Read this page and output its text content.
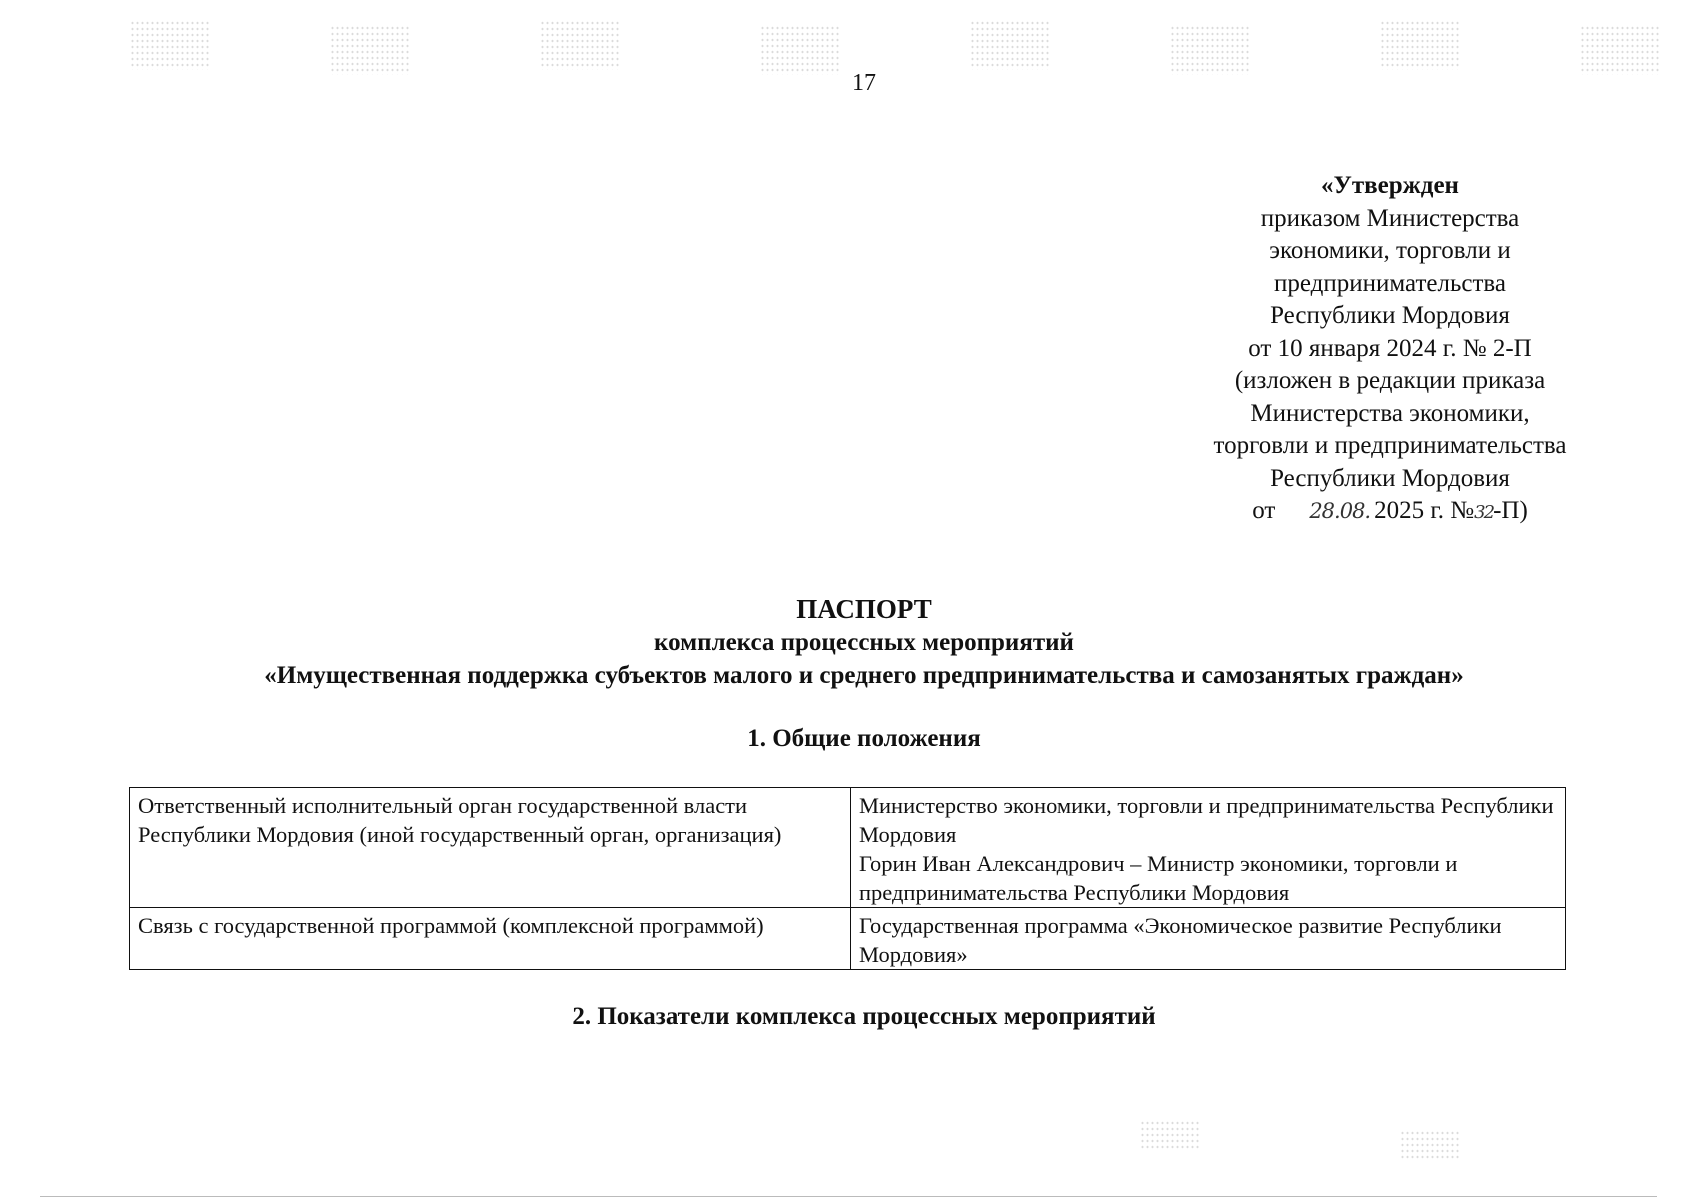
17
«Утвержден
приказом Министерства
экономики, торговли и
предпринимательства
Республики Мордовия
от 10 января 2024 г. № 2-П
(изложен в редакции приказа
Министерства экономики,
торговли и предпринимательства
Республики Мордовия
от 28.08. 2025 г. №32-П)
ПАСПОРТ
комплекса процессных мероприятий
«Имущественная поддержка субъектов малого и среднего предпринимательства и самозанятых граждан»
1. Общие положения
Ответственный исполнительный орган государственной власти Республики Мордовия (иной государственный орган, организация)	Министерство экономики, торговли и предпринимательства Республики Мордовия
Горин Иван Александрович – Министр экономики, торговли и предпринимательства Республики Мордовия

Связь с государственной программой (комплексной программой)	Государственная программа «Экономическое развитие Республики Мордовия»
2. Показатели комплекса процессных мероприятий
